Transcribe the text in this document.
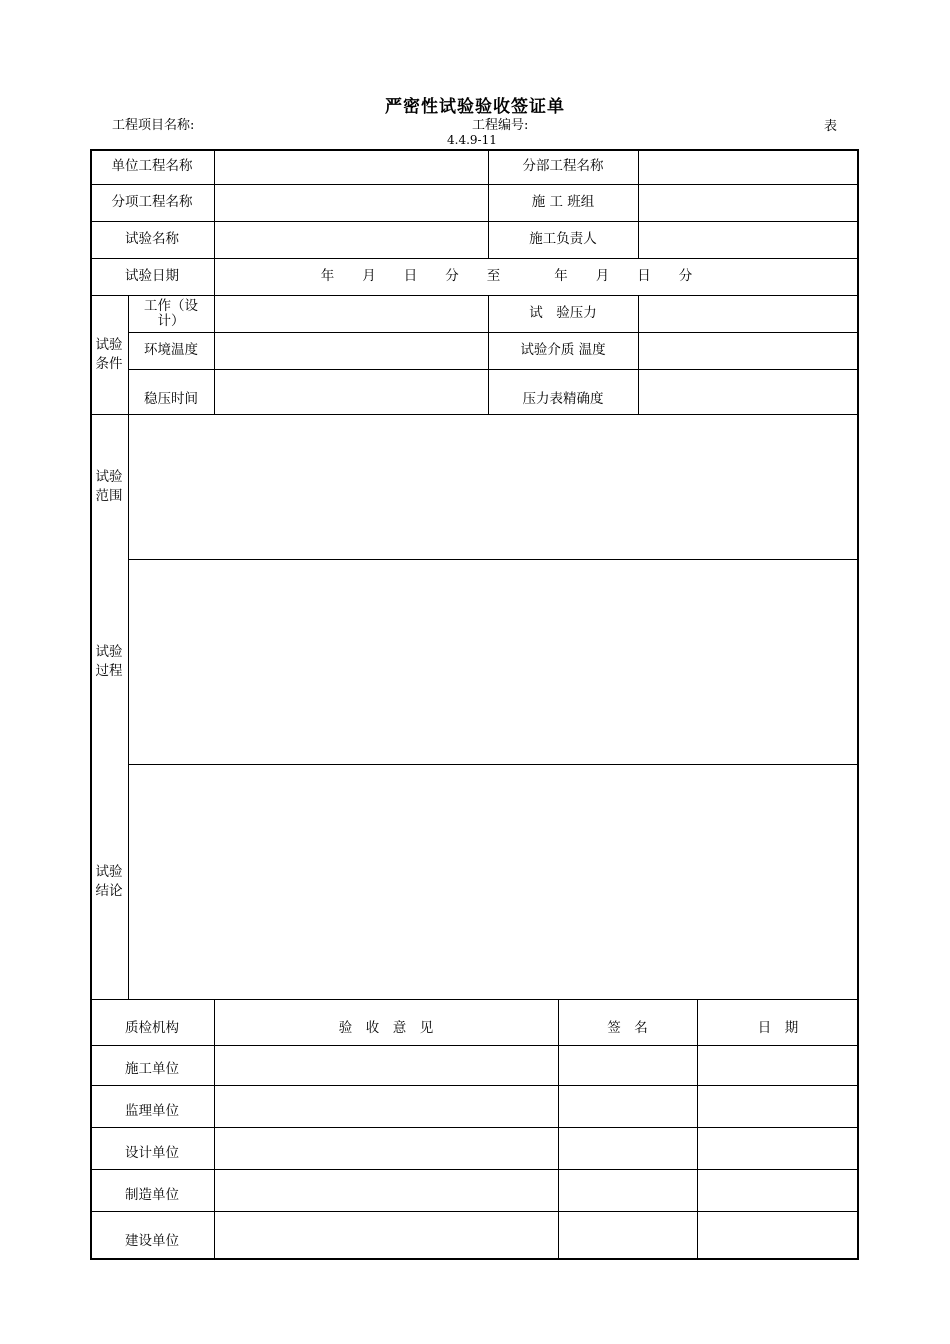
严密性试验验收签证单
工程项目名称:	工程编号:	表
4.4.9-11
单位工程名称	分部工程名称
分项工程名称	施 工 班组
试验名称	施工负责人
试验日期	年 月 日 分 至	年 月 日 分
试验条件
工作（设计）	试　验压力
环境温度	试验介质 温度
稳压时间	压力表精确度
试验范围
试验过程
试验结论
质检机构	验　收　意　见	签　名	日　期
施工单位
监理单位
设计单位
制造单位
建设单位
